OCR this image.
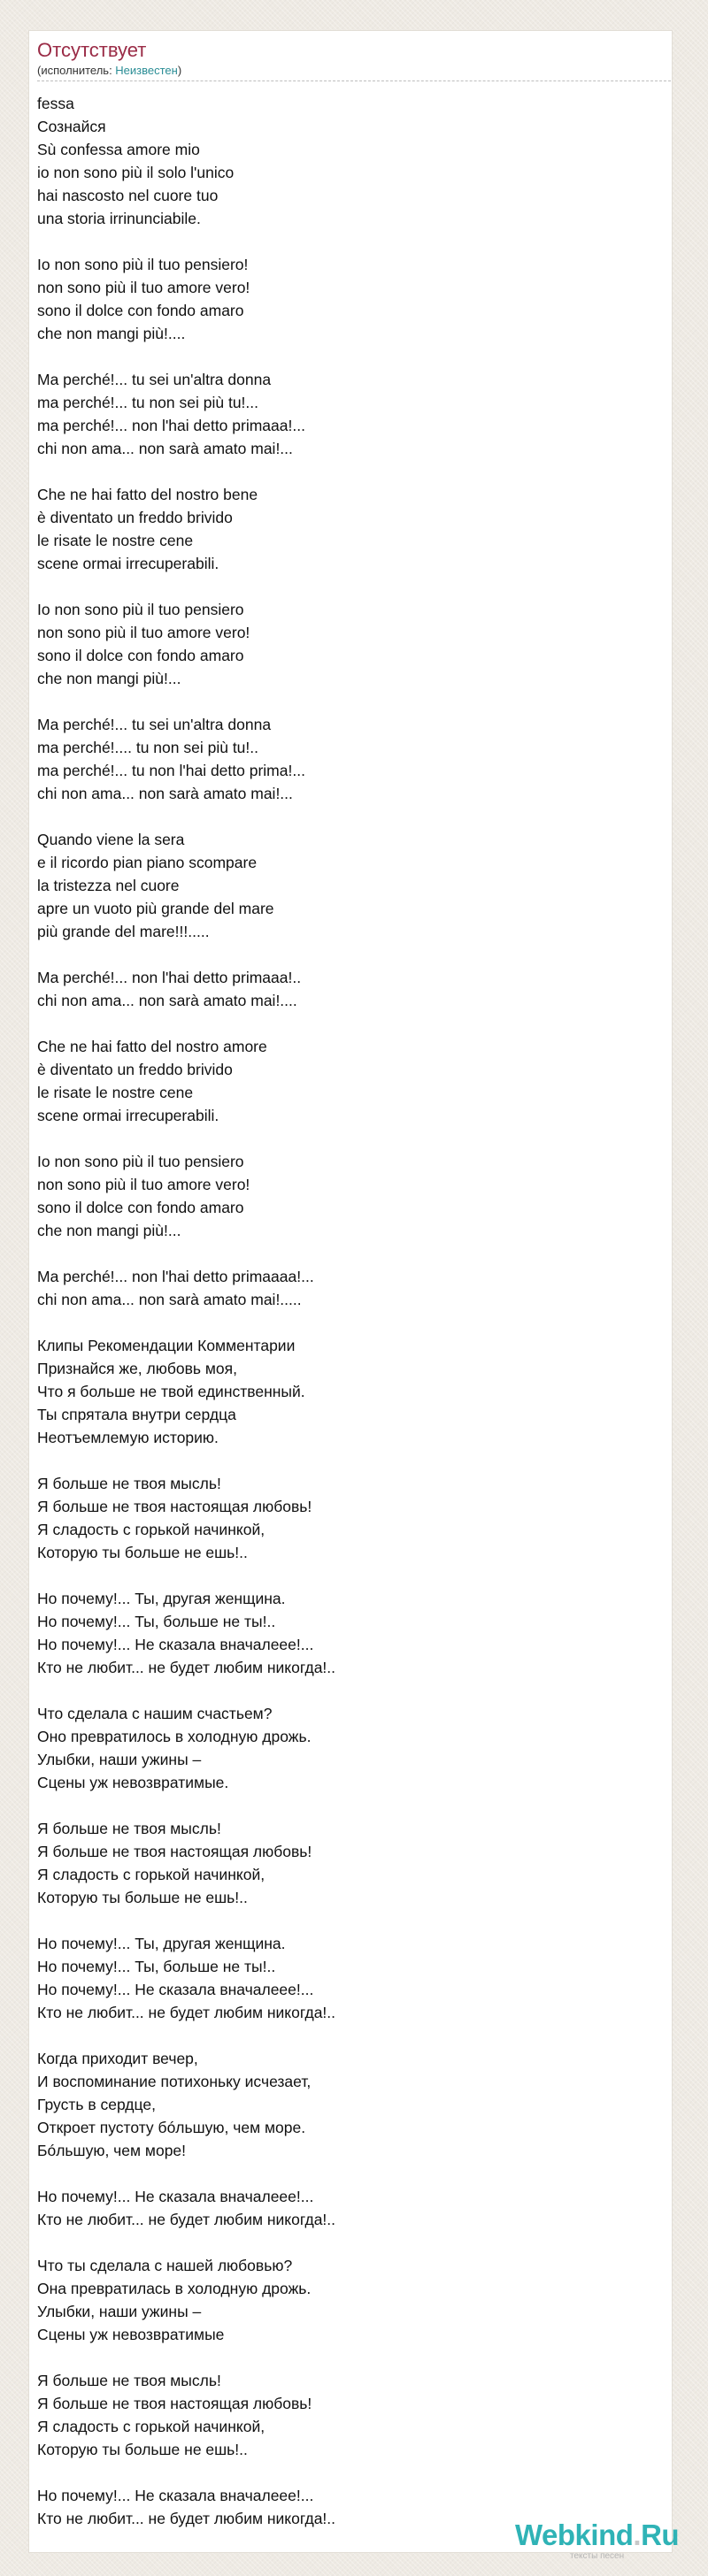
Отсутствует
(исполнитель: Неизвестен)
fessa
Сознайся
Sù confessa amore mio
io non sono più il solo l'unico
hai nascosto nel cuore tuo
una storia irrinunciabile.

Io non sono più il tuo pensiero!
non sono più il tuo amore vero!
sono il dolce con fondo amaro
che non mangi più!....

Ma perché!... tu sei un'altra donna
ma perché!... tu non sei più tu!...
ma perché!... non l'hai detto primaaa!...
chi non ama... non sarà amato mai!...

Che ne hai fatto del nostro bene
è diventato un freddo brivido
le risate le nostre cene
scene ormai irrecuperabili.

Io non sono più il tuo pensiero
non sono più il tuo amore vero!
sono il dolce con fondo amaro
che non mangi più!...

Ma perché!... tu sei un'altra donna
ma perché!.... tu non sei più tu!..
ma perché!... tu non l'hai detto prima!...
chi non ama... non sarà amato mai!...

Quando viene la sera
e il ricordo pian piano scompare
la tristezza nel cuore
apre un vuoto più grande del mare
più grande del mare!!!.....

Ma perché!... non l'hai detto primaaa!..
chi non ama... non sarà amato mai!....

Che ne hai fatto del nostro amore
è diventato un freddo brivido
le risate le nostre cene
scene ormai irrecuperabili.

Io non sono più il tuo pensiero
non sono più il tuo amore vero!
sono il dolce con fondo amaro
che non mangi più!...

Ma perché!... non l'hai detto primaaaa!...
chi non ama... non sarà amato mai!.....

Клипы Рекомендации Комментарии
Признайся же, любовь моя,
Что я больше не твой единственный.
Ты спрятала внутри сердца
Неотъемлемую историю.

Я больше не твоя мысль!
Я больше не твоя настоящая любовь!
Я сладость с горькой начинкой,
Которую ты больше не ешь!..

Но почему!... Ты, другая женщина.
Но почему!... Ты, больше не ты!..
Но почему!... Не сказала вначалеее!...
Кто не любит... не будет любим никогда!..

Что сделала с нашим счастьем?
Оно превратилось в холодную дрожь.
Улыбки, наши ужины –
Сцены уж невозвратимые.

Я больше не твоя мысль!
Я больше не твоя настоящая любовь!
Я сладость с горькой начинкой,
Которую ты больше не ешь!..

Но почему!... Ты, другая женщина.
Но почему!... Ты, больше не ты!..
Но почему!... Не сказала вначалеее!...
Кто не любит... не будет любим никогда!..

Когда приходит вечер,
И воспоминание потихоньку исчезает,
Грусть в сердце,
Откроет пустоту бóльшую, чем море.
Бóльшую, чем море!

Но почему!... Не сказала вначалеее!...
Кто не любит... не будет любим никогда!..

Что ты сделала с нашей любовью?
Она превратилась в холодную дрожь.
Улыбки, наши ужины –
Сцены уж невозвратимые

Я больше не твоя мысль!
Я больше не твоя настоящая любовь!
Я сладость с горькой начинкой,
Которую ты больше не ешь!..

Но почему!... Не сказала вначалеее!...
Кто не любит... не будет любим никогда!..	Webkind.Ru
тексты песен
